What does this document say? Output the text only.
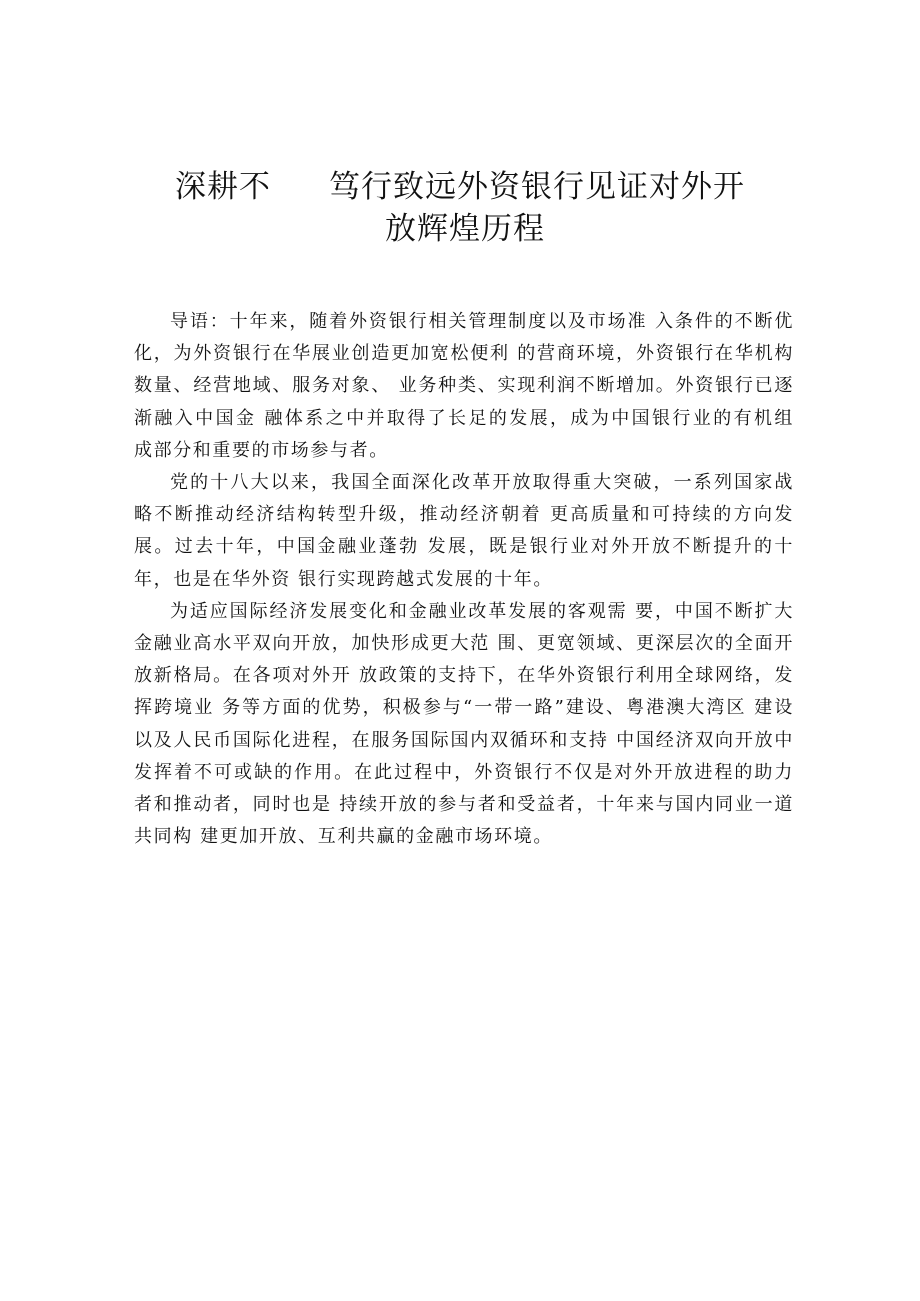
深耕不 笃行致远外资银行见证对外开
放辉煌历程

导语：十年来，随着外资银行相关管理制度以及市场准 入条件的不断优化，为外资银行在华展业创造更加宽松便利 的营商环境，外资银行在华机构数量、经营地域、服务对象、 业务种类、实现利润不断增加。外资银行已逐渐融入中国金 融体系之中并取得了长足的发展，成为中国银行业的有机组 成部分和重要的市场参与者。

党的十八大以来，我国全面深化改革开放取得重大突破，一系列国家战略不断推动经济结构转型升级，推动经济朝着 更高质量和可持续的方向发展。过去十年，中国金融业蓬勃 发展，既是银行业对外开放不断提升的十年，也是在华外资 银行实现跨越式发展的十年。

为适应国际经济发展变化和金融业改革发展的客观需 要，中国不断扩大金融业高水平双向开放，加快形成更大范 围、更宽领域、更深层次的全面开放新格局。在各项对外开 放政策的支持下，在华外资银行利用全球网络，发挥跨境业 务等方面的优势，积极参与“一带一路”建设、粤港澳大湾区 建设以及人民币国际化进程，在服务国际国内双循环和支持 中国经济双向开放中发挥着不可或缺的作用。在此过程中，外资银行不仅是对外开放进程的助力者和推动者，同时也是 持续开放的参与者和受益者，十年来与国内同业一道共同构 建更加开放、互利共赢的金融市场环境。
